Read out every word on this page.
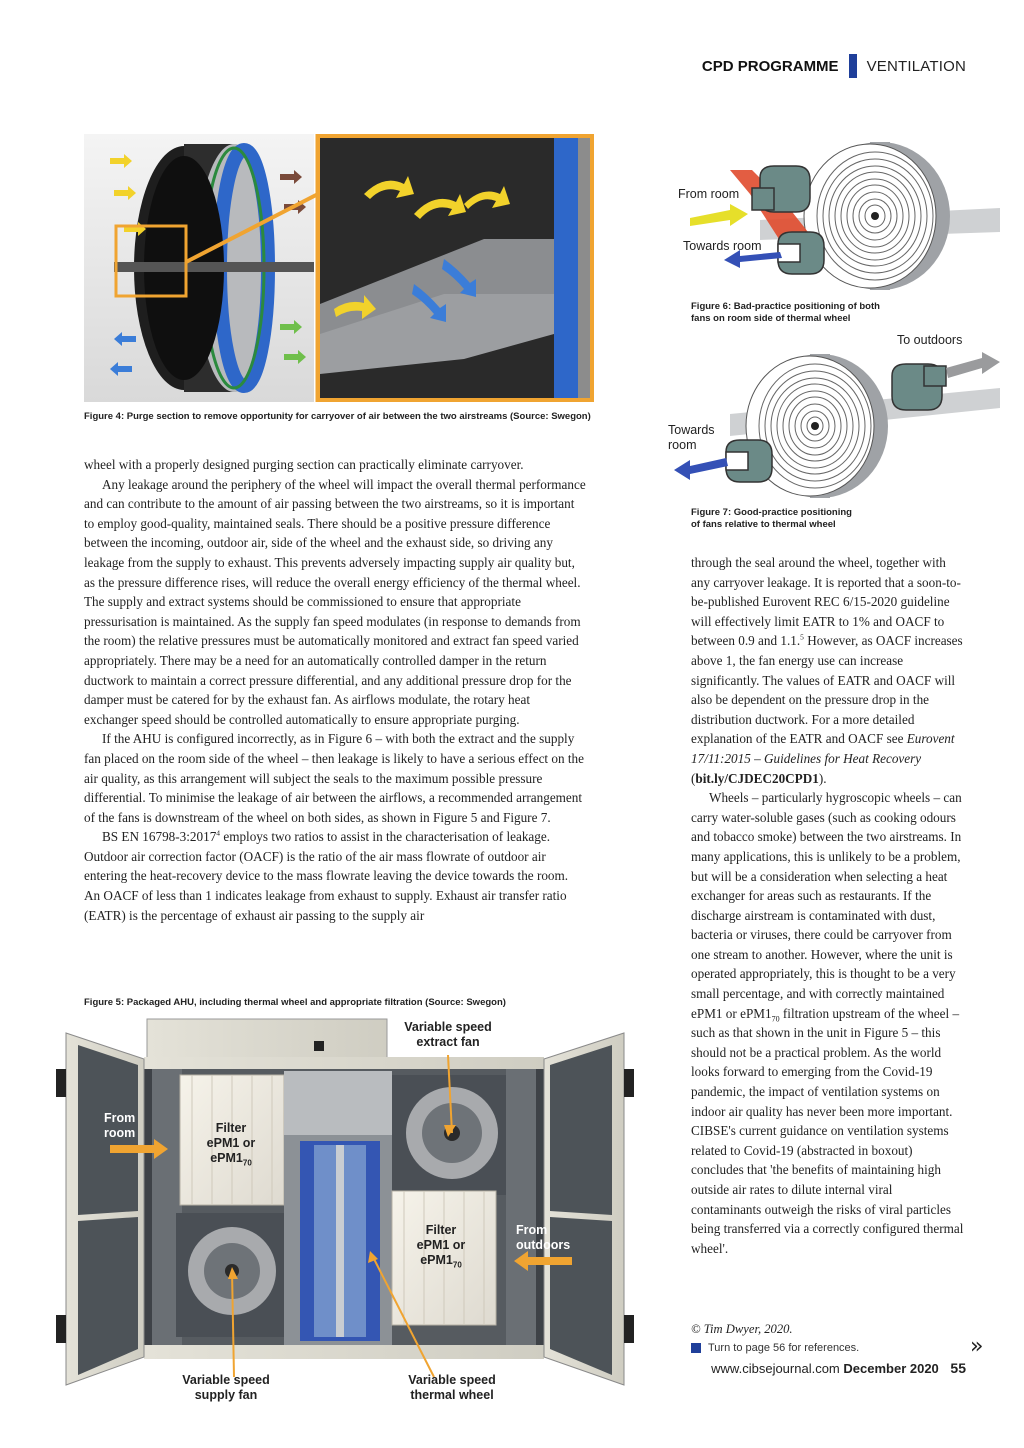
CPD PROGRAMME VENTILATION
Figure 4: Purge section to remove opportunity for carryover of air between the two airstreams (Source: Swegon)
From room
Towards room
Figure 6: Bad-practice positioning of both
fans on room side of thermal wheel
To outdoors
Towards
room
Figure 7: Good-practice positioning
of fans relative to thermal wheel

wheel with a properly designed purging section can practically eliminate carryover.

Any leakage around the periphery of the wheel will impact the overall thermal performance and can contribute to the amount of air passing between the two airstreams, so it is important to employ good-quality, maintained seals. There should be a positive pressure difference between the incoming, outdoor air, side of the wheel and the exhaust side, so driving any leakage from the supply to exhaust. This prevents adversely impacting supply air quality but, as the pressure difference rises, will reduce the overall energy efficiency of the thermal wheel. The supply and extract systems should be commissioned to ensure that appropriate pressurisation is maintained. As the supply fan speed modulates (in response to demands from the room) the relative pressures must be automatically monitored and extract fan speed varied appropriately. There may be a need for an automatically controlled damper in the return ductwork to maintain a correct pressure differential, and any additional pressure drop for the damper must be catered for by the exhaust fan. As airflows modulate, the rotary heat exchanger speed should be controlled automatically to ensure appropriate purging.

If the AHU is configured incorrectly, as in Figure 6 – with both the extract and the supply fan placed on the room side of the wheel – then leakage is likely to have a serious effect on the air quality, as this arrangement will subject the seals to the maximum possible pressure differential. To minimise the leakage of air between the airflows, a recommended arrangement of the fans is downstream of the wheel on both sides, as shown in Figure 5 and Figure 7.

BS EN 16798-3:2017$^4$ employs two ratios to assist in the characterisation of leakage. Outdoor air correction factor (OACF) is the ratio of the air mass flowrate of outdoor air entering the heat-recovery device to the mass flowrate leaving the device towards the room. An OACF of less than 1 indicates leakage from exhaust to supply. Exhaust air transfer ratio (EATR) is the percentage of exhaust air passing to the supply air

through the seal around the wheel, together with any carryover leakage. It is reported that a soon-to-be-published Eurovent REC 6/15-2020 guideline will effectively limit EATR to 1% and OACF to between 0.9 and 1.1.$^5$ However, as OACF increases above 1, the fan energy use can increase significantly. The values of EATR and OACF will also be dependent on the pressure drop in the distribution ductwork. For a more detailed explanation of the EATR and OACF see Eurovent 17/11:2015 – Guidelines for Heat Recovery (bit.ly/CJDEC20CPD1).

Wheels – particularly hygroscopic wheels – can carry water-soluble gases (such as cooking odours and tobacco smoke) between the two airstreams. In many applications, this is unlikely to be a problem, but will be a consideration when selecting a heat exchanger for areas such as restaurants. If the discharge airstream is contaminated with dust, bacteria or viruses, there could be carryover from one stream to another. However, where the unit is operated appropriately, this is thought to be a very small percentage, and with correctly maintained ePM1 or $ePM1_{70}$ filtration upstream of the wheel – such as that shown in the unit in Figure 5 – this should not be a practical problem. As the world looks forward to emerging from the Covid-19 pandemic, the impact of ventilation systems on indoor air quality has never been more important. CIBSE's current guidance on ventilation systems related to Covid-19 (abstracted in boxout) concludes that 'the benefits of maintaining high outside air rates to dilute internal viral contaminants outweigh the risks of viral particles being transferred via a correctly configured thermal wheel'.

© Tim Dwyer, 2020.
Turn to page 56 for references.	»
Figure 5: Packaged AHU, including thermal wheel and appropriate filtration (Source: Swegon)
Variable speed
extract fan
From
room	Filter
ePM1 or
$ePM1_{70}$
Filter
ePM1 or
$ePM1_{70}$
From
outdoors
Variable speed
supply fan
Variable speed
thermal wheel
www.cibsejournal.com December 2020 55
